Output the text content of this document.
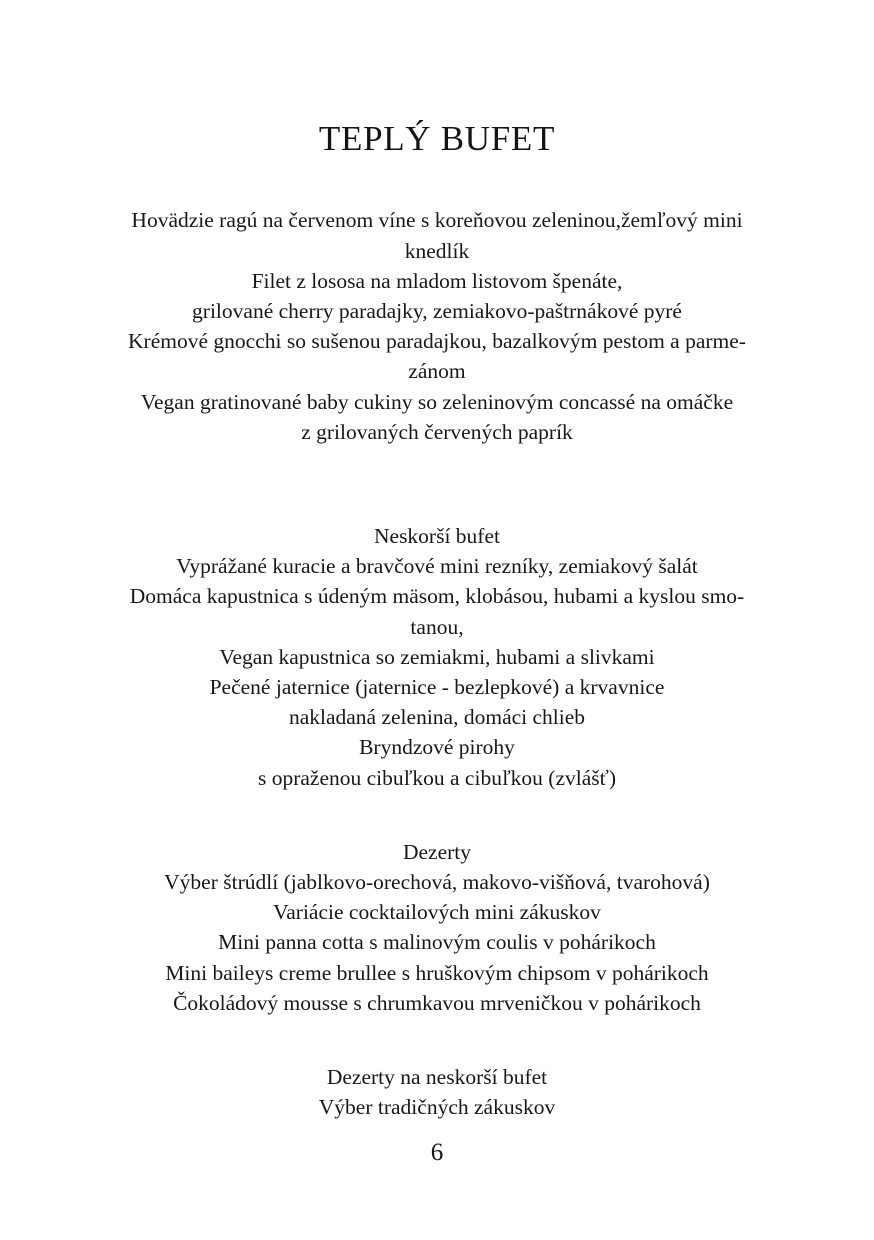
TEPLÝ BUFET
Hovädzie ragú na červenom víne s koreňovou zeleninou,žemľový mini
knedlík
Filet z lososa na mladom listovom špenáte,
grilované cherry paradajky, zemiakovo-paštrnákové pyré
Krémové gnocchi so sušenou paradajkou, bazalkovým pestom a parme-
zánom
Vegan gratinované baby cukiny so zeleninovým concassé na omáčke
z grilovaných červených paprík
Neskorší bufet
Vyprážané kuracie a bravčové mini rezníky, zemiakový šalát
Domáca kapustnica s údeným mäsom, klobásou, hubami a kyslou smo-
tanou,
Vegan kapustnica so zemiakmi, hubami a slivkami
Pečené jaternice (jaternice - bezlepkové) a krvavnice
nakladaná zelenina, domáci chlieb
Bryndzové pirohy
s opraženou cibuľkou a cibuľkou (zvlášť)
Dezerty
Výber štrúdlí (jablkovo-orechová, makovo-višňová, tvarohová)
Variácie cocktailových mini zákuskov
Mini panna cotta s malinovým coulis v pohárikoch
Mini baileys creme brullee s hruškovým chipsom v pohárikoch
Čokoládový mousse s chrumkavou mrveničkou v pohárikoch
Dezerty na neskorší bufet
Výber tradičných zákuskov
6
